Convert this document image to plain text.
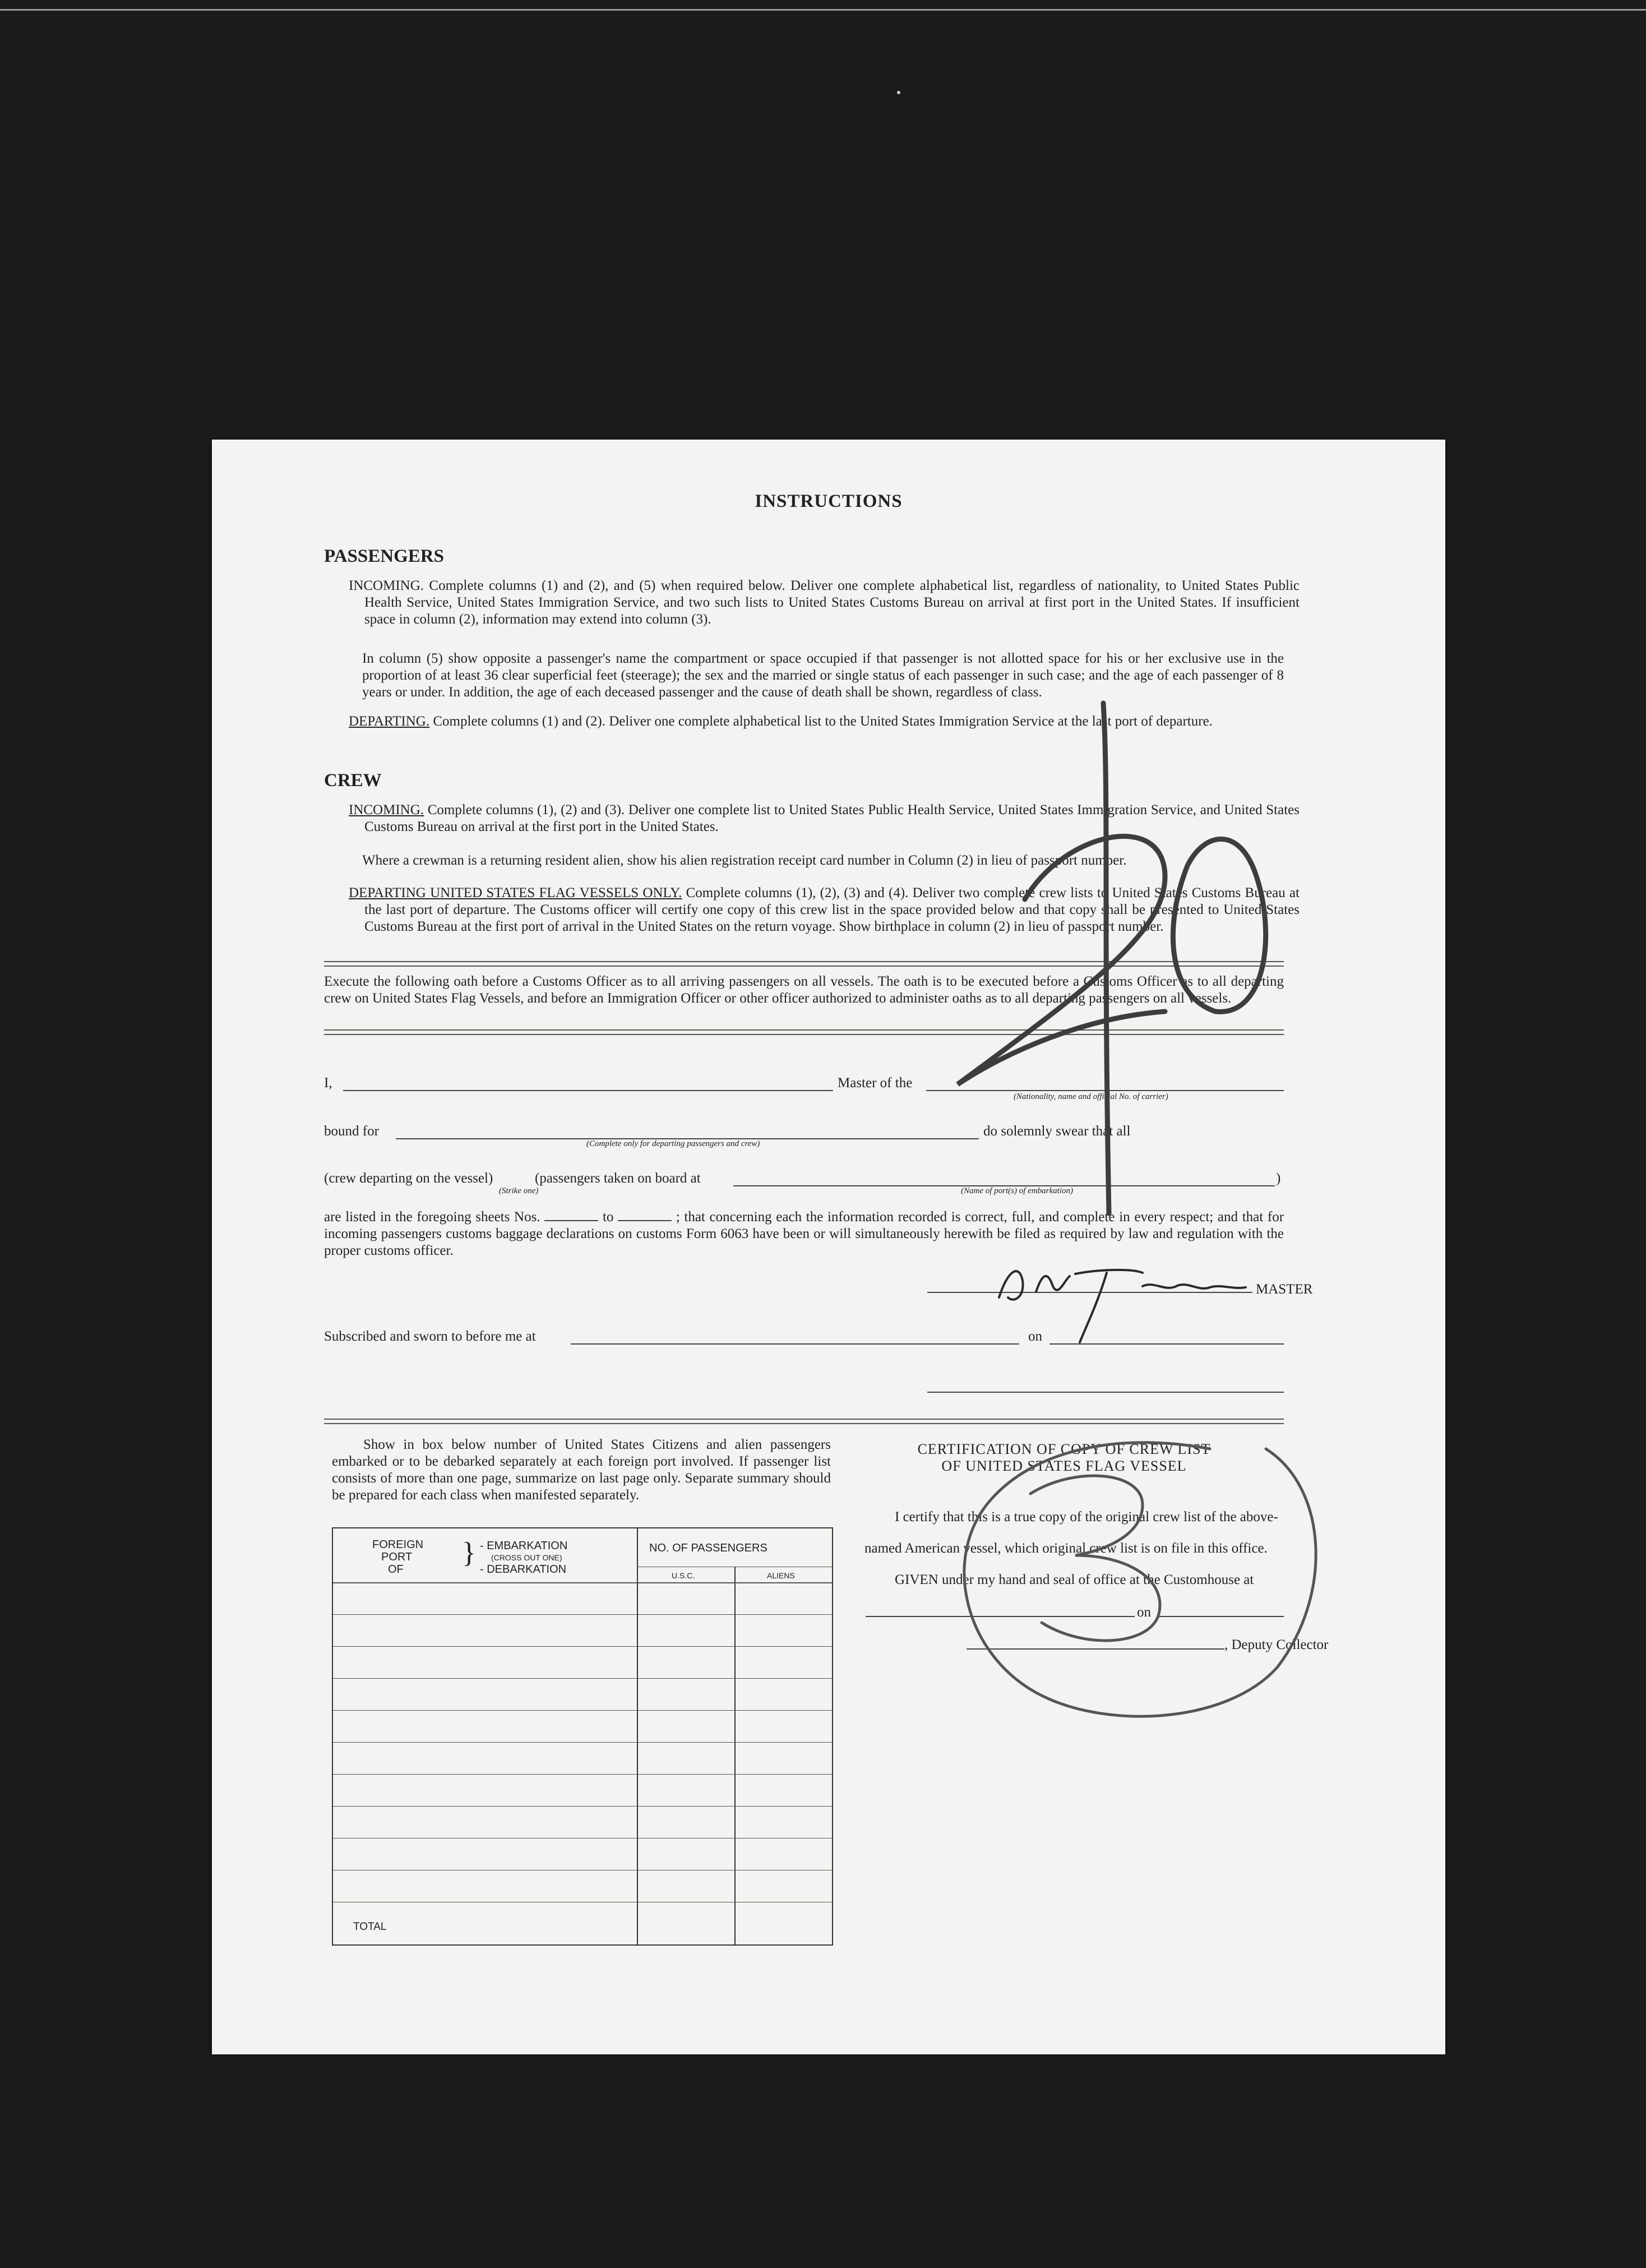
INSTRUCTIONS
PASSENGERS
INCOMING. Complete columns (1) and (2), and (5) when required below. Deliver one complete alphabetical list, regardless of nationality, to United States Public Health Service, United States Immigration Service, and two such lists to United States Customs Bureau on arrival at first port in the United States. If insufficient space in column (2), information may extend into column (3).
In column (5) show opposite a passenger's name the compartment or space occupied if that passenger is not allotted space for his or her exclusive use in the proportion of at least 36 clear superficial feet (steerage); the sex and the married or single status of each passenger in such case; and the age of each passenger of 8 years or under. In addition, the age of each deceased passenger and the cause of death shall be shown, regardless of class.
DEPARTING. Complete columns (1) and (2). Deliver one complete alphabetical list to the United States Immigration Service at the last port of departure.
CREW
INCOMING. Complete columns (1), (2) and (3). Deliver one complete list to United States Public Health Service, United States Immigration Service, and United States Customs Bureau on arrival at the first port in the United States.
Where a crewman is a returning resident alien, show his alien registration receipt card number in Column (2) in lieu of passport number.
DEPARTING UNITED STATES FLAG VESSELS ONLY. Complete columns (1), (2), (3) and (4). Deliver two complete crew lists to United States Customs Bureau at the last port of departure. The Customs officer will certify one copy of this crew list in the space provided below and that copy shall be presented to United States Customs Bureau at the first port of arrival in the United States on the return voyage. Show birthplace in column (2) in lieu of passport number.
Execute the following oath before a Customs Officer as to all arriving passengers on all vessels. The oath is to be executed before a Customs Officer as to all departing crew on United States Flag Vessels, and before an Immigration Officer or other officer authorized to administer oaths as to all departing passengers on all vessels.
I,	Master of the
(Nationality, name and official No. of carrier)
bound for
(Complete only for departing passengers and crew)
do solemnly swear that all
(crew departing on the vessel)	(passengers taken on board at	)
(Strike one)	(Name of port(s) of embarkation)
are listed in the foregoing sheets Nos.	to	; that concerning each the information recorded is correct, full, and complete in every respect; and that for incoming passengers customs baggage declarations on customs Form 6063 have been or will simultaneously herewith be filed as required by law and regulation with the proper customs officer.
MASTER
Subscribed and sworn to before me at	on
Show in box below number of United States Citizens and alien passengers embarked or to be debarked separately at each foreign port involved. If passenger list consists of more than one page, summarize on last page only. Separate summary should be prepared for each class when manifested separately.
FOREIGN
PORT
OF
} - EMBARKATION
(CROSS OUT ONE)
- DEBARKATION
NO. OF PASSENGERS
U.S.C.	ALIENS
TOTAL
CERTIFICATION OF COPY OF CREW LIST
OF UNITED STATES FLAG VESSEL
I certify that this is a true copy of the original crew list of the above-
named American vessel, which original crew list is on file in this office.
GIVEN under my hand and seal of office at the Customhouse at
on
, Deputy Collector
